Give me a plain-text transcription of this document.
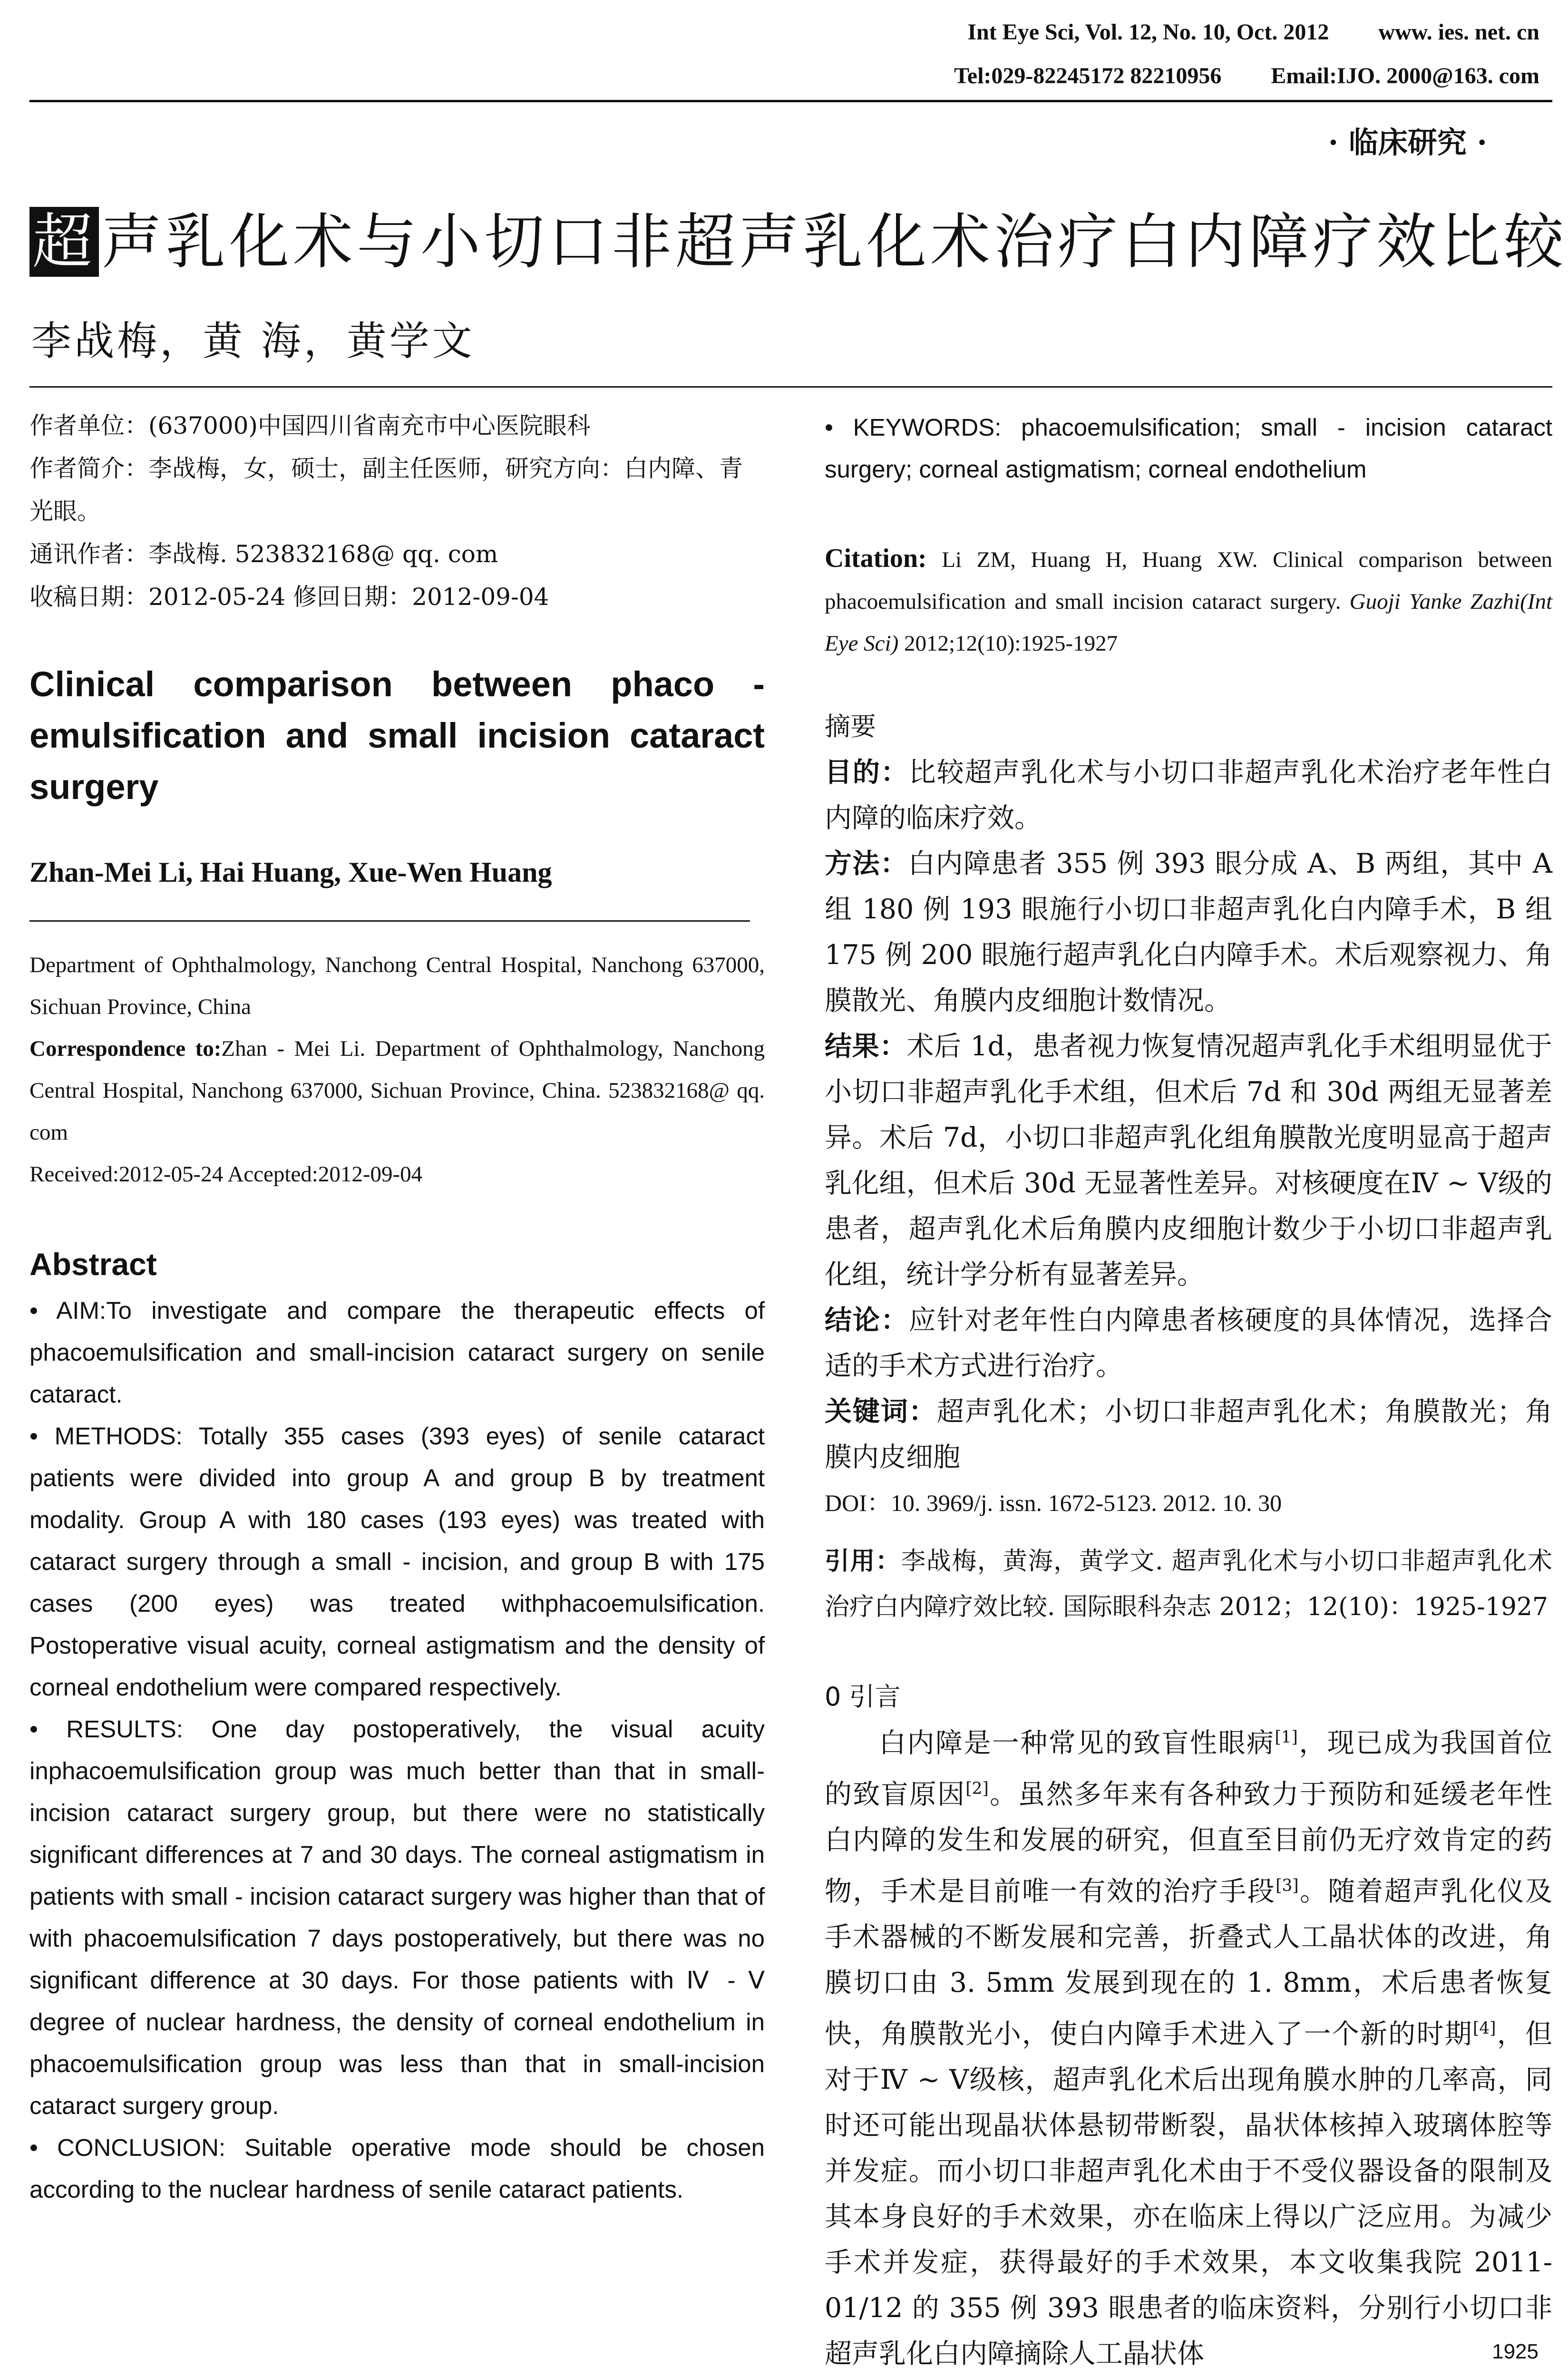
Int Eye Sci, Vol. 12, No. 10, Oct. 2012 www. ies. net. cn
Tel:029-82245172 82210956 Email:IJO. 2000@163. com
· 临床研究 ·
超声乳化术与小切口非超声乳化术治疗白内障疗效比较
李战梅，黄 海，黄学文

作者单位：(637000)中国四川省南充市中心医院眼科

作者简介：李战梅，女，硕士，副主任医师，研究方向：白内障、青光眼。

通讯作者：李战梅. 523832168@ qq. com

收稿日期：2012-05-24 修回日期：2012-09-04

Clinical comparison between phaco - emulsification and small incision cataract surgery
Zhan-Mei Li, Hai Huang, Xue-Wen Huang

Department of Ophthalmology, Nanchong Central Hospital, Nanchong 637000, Sichuan Province, China

Correspondence to:Zhan - Mei Li. Department of Ophthalmology, Nanchong Central Hospital, Nanchong 637000, Sichuan Province, China. 523832168@ qq. com

Received:2012-05-24 Accepted:2012-09-04

Abstract

• AIM:To investigate and compare the therapeutic effects of phacoemulsification and small-incision cataract surgery on senile cataract.

• METHODS: Totally 355 cases (393 eyes) of senile cataract patients were divided into group A and group B by treatment modality. Group A with 180 cases (193 eyes) was treated with cataract surgery through a small - incision, and group B with 175 cases (200 eyes) was treated withphacoemulsification. Postoperative visual acuity, corneal astigmatism and the density of corneal endothelium were compared respectively.

• RESULTS: One day postoperatively, the visual acuity inphacoemulsification group was much better than that in small-incision cataract surgery group, but there were no statistically significant differences at 7 and 30 days. The corneal astigmatism in patients with small - incision cataract surgery was higher than that of with phacoemulsification 7 days postoperatively, but there was no significant difference at 30 days. For those patients with Ⅳ - Ⅴ degree of nuclear hardness, the density of corneal endothelium in phacoemulsification group was less than that in small-incision cataract surgery group.

• CONCLUSION: Suitable operative mode should be chosen according to the nuclear hardness of senile cataract patients.

• KEYWORDS: phacoemulsification; small - incision cataract surgery; corneal astigmatism; corneal endothelium
Citation: Li ZM, Huang H, Huang XW. Clinical comparison between phacoemulsification and small incision cataract surgery. Guoji Yanke Zazhi(Int Eye Sci) 2012;12(10):1925-1927

摘要

目的：比较超声乳化术与小切口非超声乳化术治疗老年性白内障的临床疗效。

方法：白内障患者 355 例 393 眼分成 A、B 两组，其中 A 组 180 例 193 眼施行小切口非超声乳化白内障手术，B 组 175 例 200 眼施行超声乳化白内障手术。术后观察视力、角膜散光、角膜内皮细胞计数情况。

结果：术后 1d，患者视力恢复情况超声乳化手术组明显优于小切口非超声乳化手术组，但术后 7d 和 30d 两组无显著差异。术后 7d，小切口非超声乳化组角膜散光度明显高于超声乳化组，但术后 30d 无显著性差异。对核硬度在Ⅳ ~ Ⅴ级的患者，超声乳化术后角膜内皮细胞计数少于小切口非超声乳化组，统计学分析有显著差异。

结论：应针对老年性白内障患者核硬度的具体情况，选择合适的手术方式进行治疗。

关键词：超声乳化术；小切口非超声乳化术；角膜散光；角膜内皮细胞

DOI：10. 3969/j. issn. 1672-5123. 2012. 10. 30

引用：李战梅，黄海，黄学文. 超声乳化术与小切口非超声乳化术治疗白内障疗效比较. 国际眼科杂志 2012；12(10)：1925-1927
0 引言

白内障是一种常见的致盲性眼病[1]，现已成为我国首位的致盲原因[2]。虽然多年来有各种致力于预防和延缓老年性白内障的发生和发展的研究，但直至目前仍无疗效肯定的药物，手术是目前唯一有效的治疗手段[3]。随着超声乳化仪及手术器械的不断发展和完善，折叠式人工晶状体的改进，角膜切口由 3. 5mm 发展到现在的 1. 8mm，术后患者恢复快，角膜散光小，使白内障手术进入了一个新的时期[4]，但对于Ⅳ ~ Ⅴ级核，超声乳化术后出现角膜水肿的几率高，同时还可能出现晶状体悬韧带断裂，晶状体核掉入玻璃体腔等并发症。而小切口非超声乳化术由于不受仪器设备的限制及其本身良好的手术效果，亦在临床上得以广泛应用。为减少手术并发症，获得最好的手术效果，本文收集我院 2011-01/12 的 355 例 393 眼患者的临床资料，分别行小切口非超声乳化白内障摘除人工晶状体	1925
